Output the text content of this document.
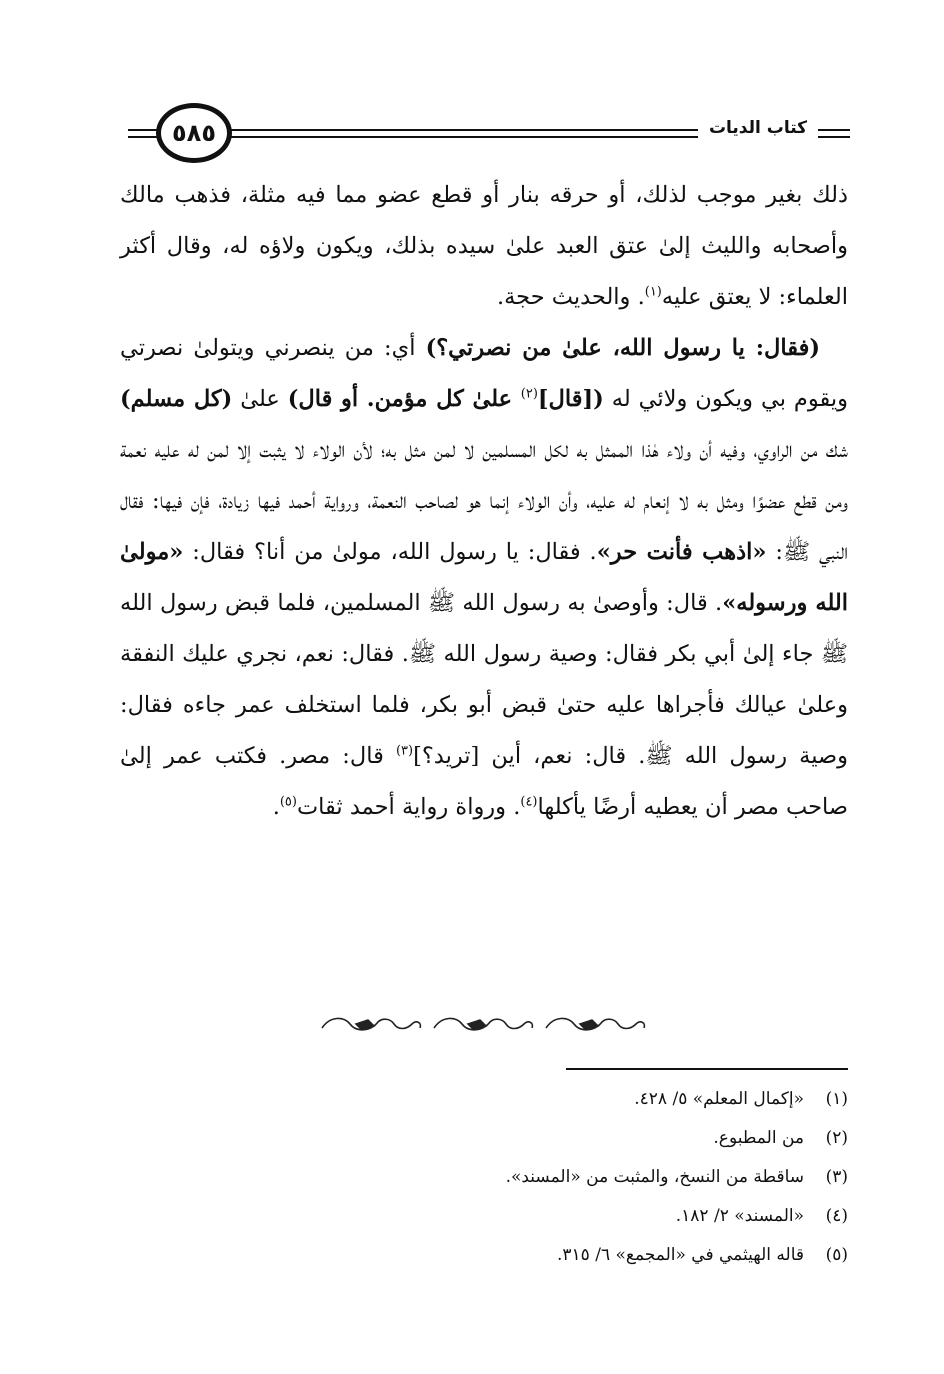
٥٨٥	كتاب الديات

ذلك بغير موجب لذلك، أو حرقه بنار أو قطع عضو مما فيه مثلة، فذهب مالك وأصحابه والليث إلىٰ عتق العبد علىٰ سيده بذلك، ويكون ولاؤه له، وقال أكثر العلماء: لا يعتق عليه$^{(١)}$. والحديث حجة.

(فقال: يا رسول الله، علىٰ من نصرتي؟) أي: من ينصرني ويتولىٰ نصرتي ويقوم بي ويكون ولائي له ([قال]$^{(٢)}$ علىٰ كل مؤمن. أو قال) علىٰ (كل مسلم) شك من الراوي، وفيه أن ولاء هٰذا الممثل به لكل المسلمين لا لمن مثل به؛ لأن الولاء لا يثبت إلا لمن له عليه نعمة ومن قطع عضوًا ومثل به لا إنعام له عليه، وأن الولاء إنما هو لصاحب النعمة، ورواية أحمد فيها زيادة، فإن فيها: فقال النبي ﷺ: «اذهب فأنت حر». فقال: يا رسول الله، مولىٰ من أنا؟ فقال: «مولىٰ الله ورسوله». قال: وأوصىٰ به رسول الله ﷺ المسلمين، فلما قبض رسول الله ﷺ جاء إلىٰ أبي بكر فقال: وصية رسول الله ﷺ. فقال: نعم، نجري عليك النفقة وعلىٰ عيالك فأجراها عليه حتىٰ قبض أبو بكر، فلما استخلف عمر جاءه فقال: وصية رسول الله ﷺ. قال: نعم، أين [تريد؟]$^{(٣)}$ قال: مصر. فكتب عمر إلىٰ صاحب مصر أن يعطيه أرضًا يأكلها$^{(٤)}$. ورواة رواية أحمد ثقات$^{(٥)}$.

(١)«إكمال المعلم» ٥/ ٤٢٨.
(٢)من المطبوع.
(٣)ساقطة من النسخ، والمثبت من «المسند».
(٤)«المسند» ٢/ ١٨٢.
(٥)قاله الهيثمي في «المجمع» ٦/ ٣١٥.
